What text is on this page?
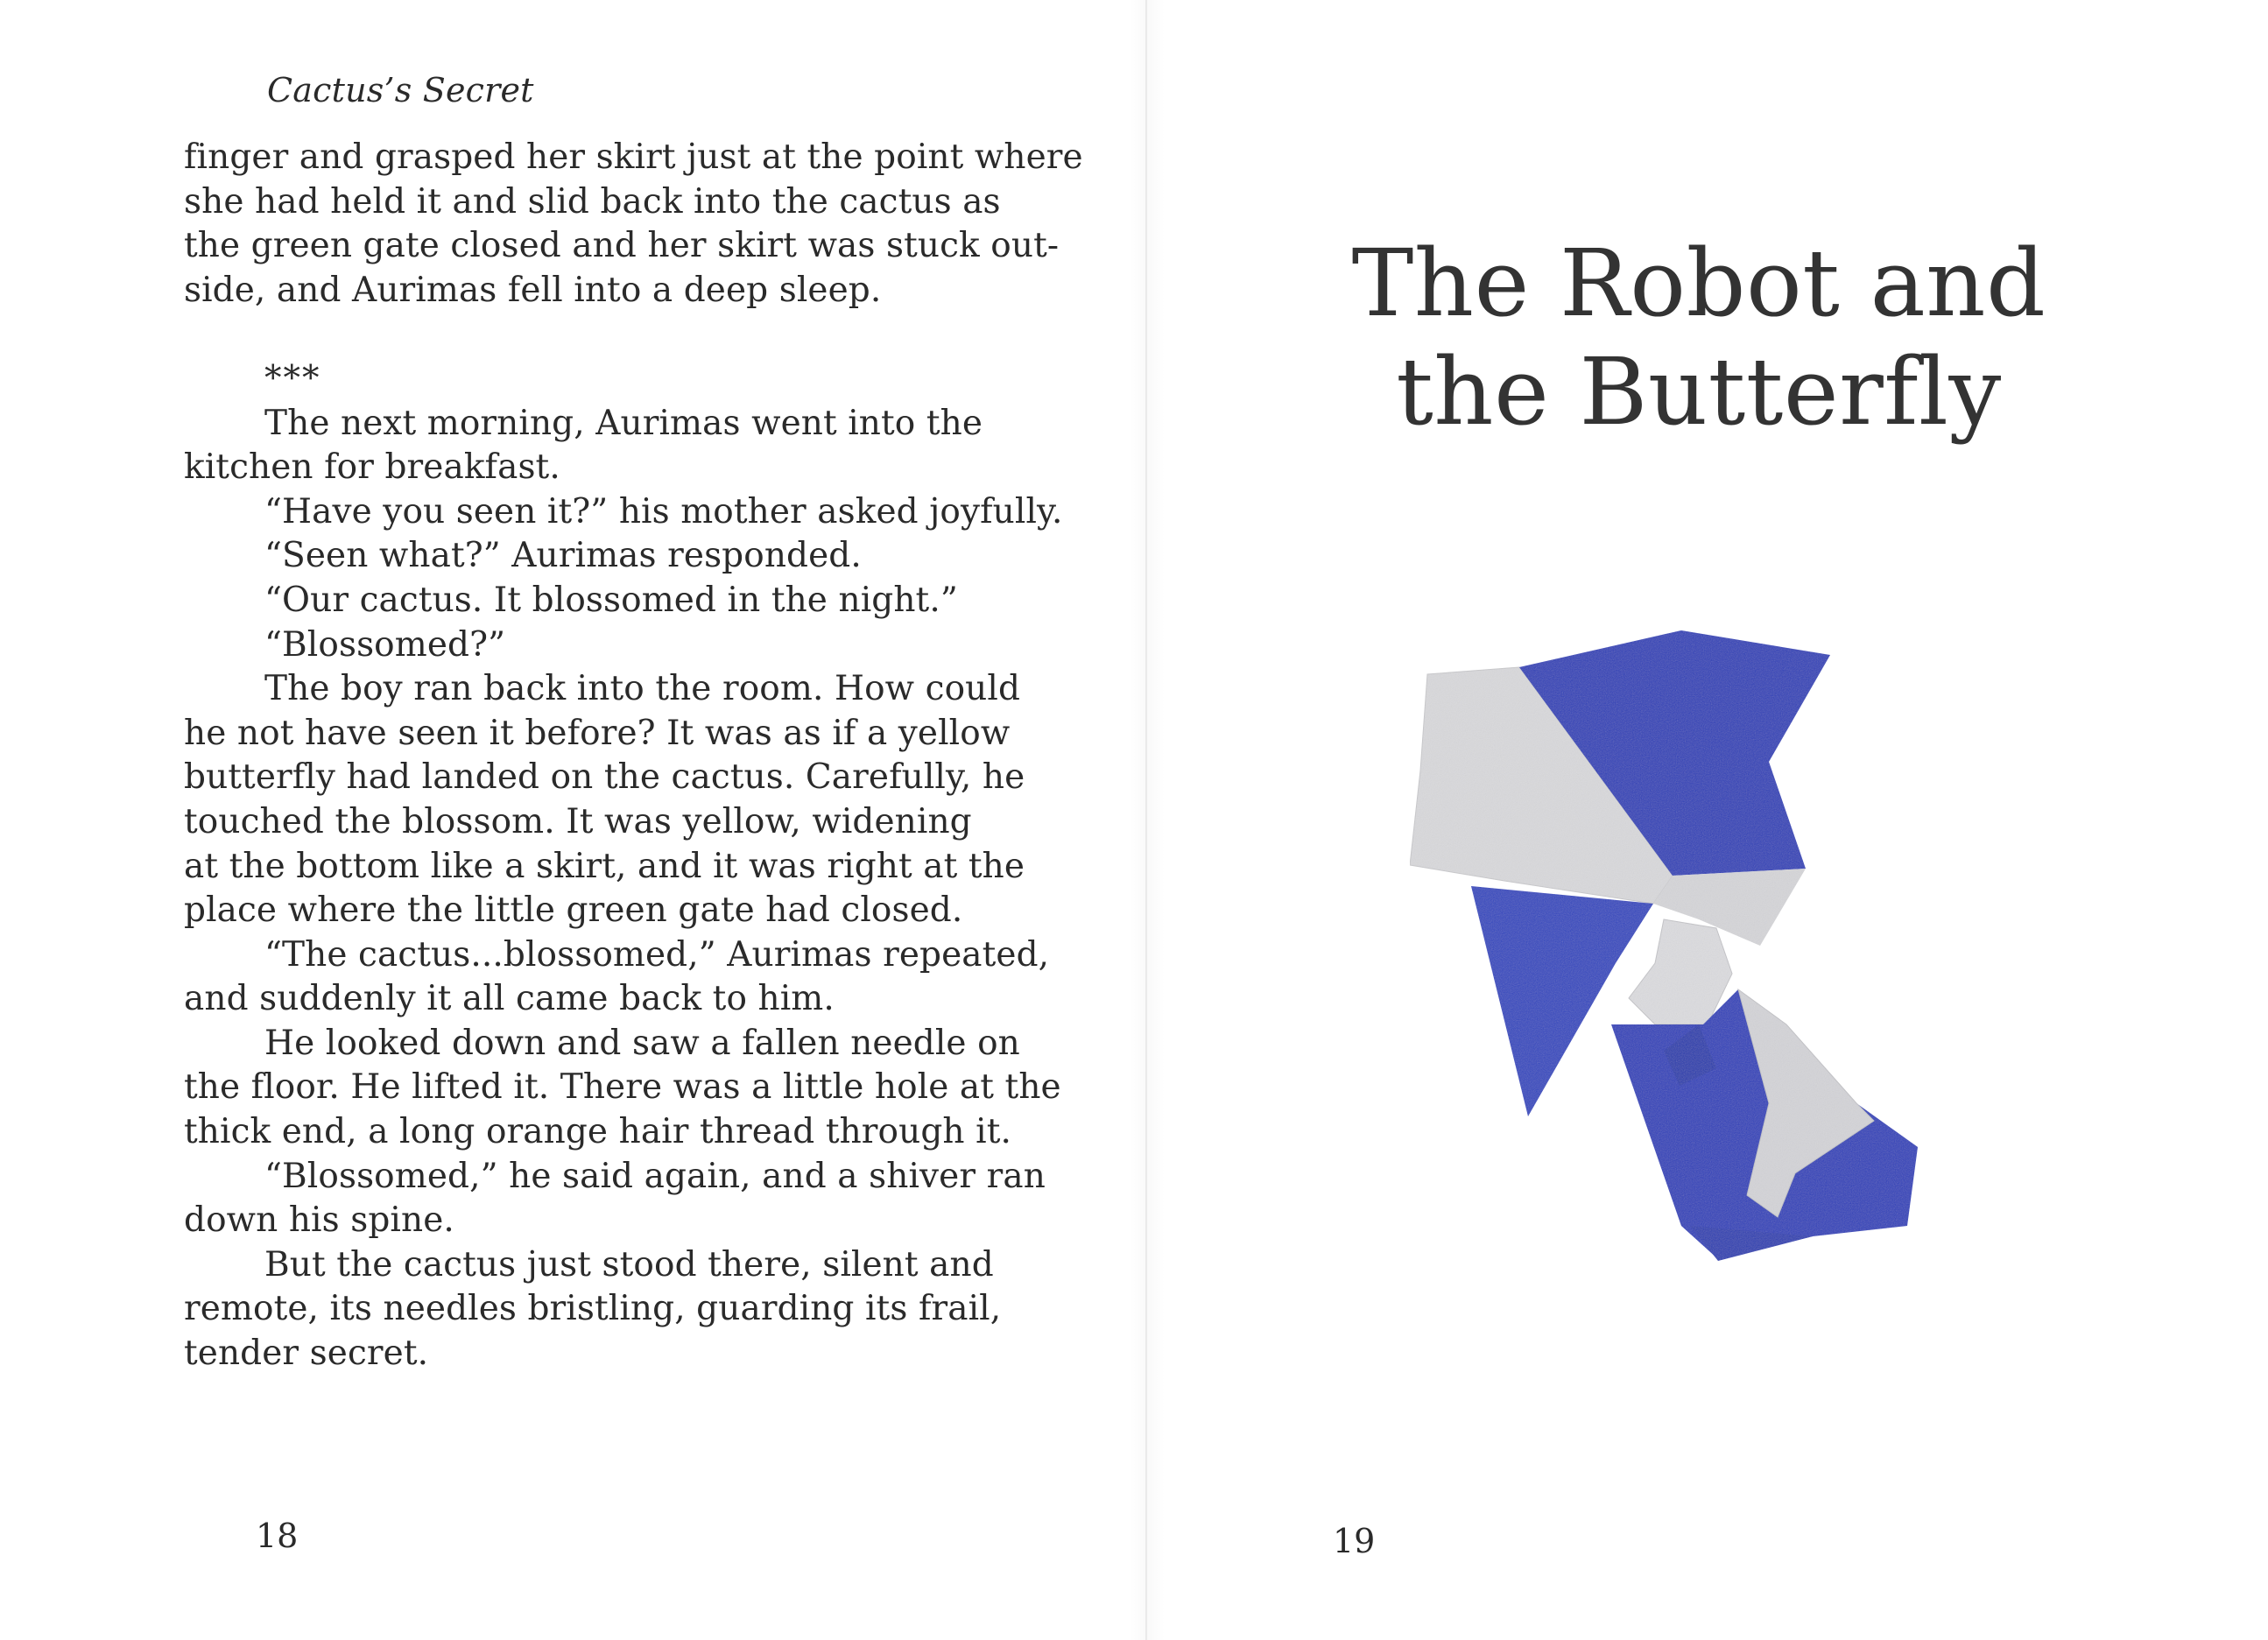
Cactus’s Secret
finger and grasped her skirt just at the point where
she had held it and slid back into the cactus as
the green gate closed and her skirt was stuck out-
side, and Aurimas fell into a deep sleep.
***
The next morning, Aurimas went into the
kitchen for breakfast.
“Have you seen it?” his mother asked joyfully.
“Seen what?” Aurimas responded.
“Our cactus. It blossomed in the night.”
“Blossomed?”
The boy ran back into the room. How could
he not have seen it before? It was as if a yellow
butterfly had landed on the cactus. Carefully, he
touched the blossom. It was yellow, widening
at the bottom like a skirt, and it was right at the
place where the little green gate had closed.
“The cactus...blossomed,” Aurimas repeated,
and suddenly it all came back to him.
He looked down and saw a fallen needle on
the floor. He lifted it. There was a little hole at the
thick end, a long orange hair thread through it.
“Blossomed,” he said again, and a shiver ran
down his spine.
But the cactus just stood there, silent and
remote, its needles bristling, guarding its frail,
tender secret.
18
The Robot and
the Butterfly
19
